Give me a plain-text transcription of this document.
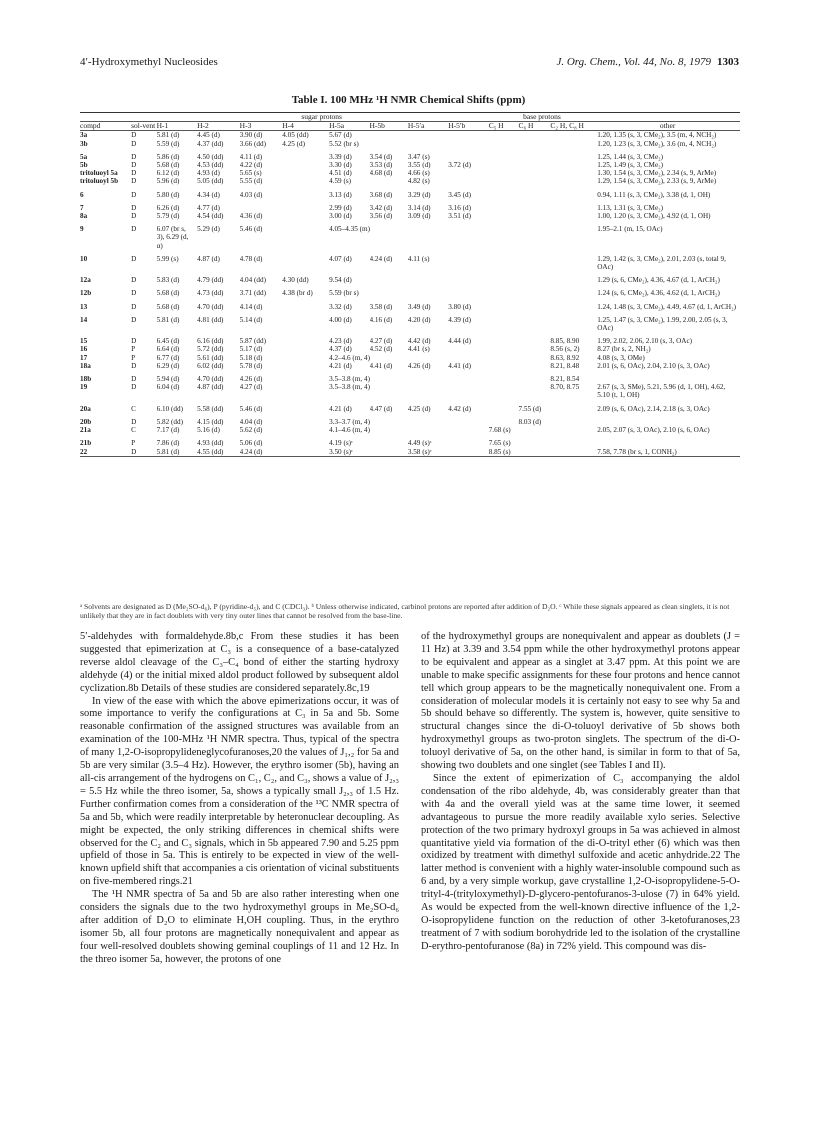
4′-Hydroxymethyl Nucleosides	J. Org. Chem., Vol. 44, No. 8, 1979 1303
Table I. 100 MHz ¹H NMR Chemical Shifts (ppm)
		sugar protons								base protons			
compd	sol-vent	H-1	H-2	H-3	H-4	H-5a	H-5b	H-5′a	H-5′b	C₅ H	C₆ H	C₂ H, C₈ H	other
3a	D	5.81 (d)	4.45 (d)	3.90 (d)	4.05 (dd)	5.67 (d)							1.20, 1.35 (s, 3, CMe₂), 3.5 (m, 4, NCH₂)
3b	D	5.59 (d)	4.37 (dd)	3.66 (dd)	4.25 (d)	5.52 (br s)							1.20, 1.23 (s, 3, CMe₂), 3.6 (m, 4, NCH₂)
5a	D	5.86 (d)	4.50 (dd)	4.11 (d)		3.39 (d)	3.54 (d)	3.47 (s)					1.25, 1.44 (s, 3, CMe₂)
5b	D	5.68 (d)	4.53 (dd)	4.22 (d)		3.30 (d)	3.53 (d)	3.55 (d)	3.72 (d)				1.25, 1.49 (s, 3, CMe₂)
tritoluoyl 5a	D	6.12 (d)	4.93 (d)	5.65 (s)		4.51 (d)	4.68 (d)	4.66 (s)					1.30, 1.54 (s, 3, CMe₂), 2.34 (s, 9, ArMe)
tritoluoyl 5b	D	5.96 (d)	5.05 (dd)	5.55 (d)		4.59 (s)		4.82 (s)					1.29, 1.54 (s, 3, CMe₂), 2.33 (s, 9, ArMe)
6	D	5.80 (d)	4.34 (d)	4.03 (d)		3.13 (d)	3.68 (d)	3.29 (d)	3.45 (d)				0.94, 1.11 (s, 3, CMe₂), 3.38 (d, 1, OH)
7	D	6.26 (d)	4.77 (d)			2.99 (d)	3.42 (d)	3.14 (d)	3.16 (d)				1.13, 1.31 (s, 3, CMe₂)
8a	D	5.79 (d)	4.54 (dd)	4.36 (d)		3.00 (d)	3.56 (d)	3.09 (d)	3.51 (d)				1.00, 1.20 (s, 3, CMe₂), 4.92 (d, 1, OH)
9	D	6.07 (br s, 3), 6.29 (d, α)	5.29 (d)	5.46 (d)		4.05–4.35 (m)							1.95–2.1 (m, 15, OAc)
10	D	5.99 (s)	4.87 (d)	4.78 (d)		4.07 (d)	4.24 (d)	4.11 (s)					1.29, 1.42 (s, 3, CMe₂), 2.01, 2.03 (s, total 9, OAc)
12a	D	5.83 (d)	4.79 (dd)	4.04 (dd)	4.30 (dd)	9.54 (d)							1.29 (s, 6, CMe₂), 4.36, 4.67 (d, 1, ArCH₂)
12b	D	5.68 (d)	4.73 (dd)	3.71 (dd)	4.38 (br d)	5.59 (br s)							1.24 (s, 6, CMe₂), 4.36, 4.62 (d, 1, ArCH₂)
13	D	5.68 (d)	4.70 (dd)	4.14 (d)		3.32 (d)	3.58 (d)	3.49 (d)	3.80 (d)				1.24, 1.48 (s, 3, CMe₂), 4.49, 4.67 (d, 1, ArCH₂)
14	D	5.81 (d)	4.81 (dd)	5.14 (d)		4.00 (d)	4.16 (d)	4.20 (d)	4.39 (d)				1.25, 1.47 (s, 3, CMe₂), 1.99, 2.00, 2.05 (s, 3, OAc)
15	D	6.45 (d)	6.16 (dd)	5.87 (dd)		4.23 (d)	4.27 (d)	4.42 (d)	4.44 (d)			8.85, 8.90	1.99, 2.02, 2.06, 2.10 (s, 3, OAc)
16	P	6.64 (d)	5.72 (dd)	5.17 (d)		4.37 (d)	4.52 (d)	4.41 (s)				8.56 (s, 2)	8.27 (br s, 2, NH₂)
17	P	6.77 (d)	5.61 (dd)	5.18 (d)		4.2–4.6 (m, 4)						8.63, 8.92	4.08 (s, 3, OMe)
18a	D	6.29 (d)	6.02 (dd)	5.78 (d)		4.21 (d)	4.41 (d)	4.26 (d)	4.41 (d)			8.21, 8.48	2.01 (s, 6, OAc), 2.04, 2.10 (s, 3, OAc)
18b	D	5.94 (d)	4.70 (dd)	4.26 (d)		3.5–3.8 (m, 4)						8.21, 8.54	
19	D	6.04 (d)	4.87 (dd)	4.27 (d)		3.5–3.8 (m, 4)						8.70, 8.75	2.67 (s, 3, SMe), 5.21, 5.96 (d, 1, OH), 4.62, 5.10 (t, 1, OH)
20a	C	6.10 (dd)	5.58 (dd)	5.46 (d)		4.21 (d)	4.47 (d)	4.25 (d)	4.42 (d)		7.55 (d)		2.09 (s, 6, OAc), 2.14, 2.18 (s, 3, OAc)
20b	D	5.82 (dd)	4.15 (dd)	4.04 (d)		3.3–3.7 (m, 4)					8.03 (d)		
21a	C	7.17 (d)	5.16 (d)	5.62 (d)		4.1–4.6 (m, 4)				7.68 (s)			2.05, 2.07 (s, 3, OAc), 2.10 (s, 6, OAc)
21b	P	7.86 (d)	4.93 (dd)	5.06 (d)		4.19 (s)ᶜ		4.49 (s)ᶜ		7.65 (s)			
22	D	5.81 (d)	4.55 (dd)	4.24 (d)		3.50 (s)ᶜ		3.58 (s)ᶜ		8.85 (s)			7.58, 7.78 (br s, 1, CONH₂)

ᵃ Solvents are designated as D (Me₂SO-d₆), P (pyridine-d₅), and C (CDCl₃). ᵇ Unless otherwise indicated, carbinol protons are reported after addition of D₂O. ᶜ While these signals appeared as clean singlets, it is not unlikely that they are in fact doublets with very tiny outer lines that cannot be resolved from the base-line.

5′-aldehydes with formaldehyde.8b,c From these studies it has been suggested that epimerization at C₃ is a consequence of a base-catalyzed reverse aldol cleavage of the C₃–C₄ bond of either the starting hydroxy aldehyde (4) or the initial mixed aldol product followed by subsequent aldol cyclization.8b Details of these studies are considered separately.8c,19

In view of the ease with which the above epimerizations occur, it was of some importance to verify the configurations at C₃ in 5a and 5b. Some reasonable confirmation of the assigned structures was available from an examination of the 100-MHz ¹H NMR spectra. Thus, typical of the spectra of many 1,2-O-isopropylideneglycofuranoses,20 the values of J₁,₂ for 5a and 5b are very similar (3.5–4 Hz). However, the erythro isomer (5b), having an all-cis arrangement of the hydrogens on C₁, C₂, and C₃, shows a value of J₂,₃ = 5.5 Hz while the threo isomer, 5a, shows a typically small J₂,₃ of 1.5 Hz. Further confirmation comes from a consideration of the ¹³C NMR spectra of 5a and 5b, which were readily interpretable by heteronuclear decoupling. As might be expected, the only striking differences in chemical shifts were observed for the C₂ and C₃ signals, which in 5b appeared 7.90 and 5.25 ppm upfield of those in 5a. This is entirely to be expected in view of the well-known upfield shift that accompanies a cis orientation of vicinal substituents on five-membered rings.21

The ¹H NMR spectra of 5a and 5b are also rather interesting when one considers the signals due to the two hydroxymethyl groups in Me₂SO-d₆ after addition of D₂O to eliminate H,OH coupling. Thus, in the erythro isomer 5b, all four protons are magnetically nonequivalent and appear as four well-resolved doublets showing geminal couplings of 11 and 12 Hz. In the threo isomer 5a, however, the protons of one

of the hydroxymethyl groups are nonequivalent and appear as doublets (J = 11 Hz) at 3.39 and 3.54 ppm while the other hydroxymethyl protons appear to be equivalent and appear as a singlet at 3.47 ppm. At this point we are unable to make specific assignments for these four protons and hence cannot tell which group appears to be the magnetically nonequivalent one. From a consideration of molecular models it is certainly not easy to see why 5a and 5b should behave so differently. The system is, however, quite sensitive to structural changes since the di-O-toluoyl derivative of 5b shows both hydroxymethyl groups as two-proton singlets. The spectrum of the di-O-toluoyl derivative of 5a, on the other hand, is similar in form to that of 5a, showing two doublets and one singlet (see Tables I and II).

Since the extent of epimerization of C₃ accompanying the aldol condensation of the ribo aldehyde, 4b, was considerably greater than that with 4a and the overall yield was at the same time lower, it seemed advantageous to pursue the more readily available xylo series. Selective protection of the two primary hydroxyl groups in 5a was achieved in almost quantitative yield via formation of the di-O-trityl ether (6) which was then oxidized by treatment with dimethyl sulfoxide and acetic anhydride.22 The latter method is convenient with a highly water-insoluble compound such as 6 and, by a very simple workup, gave crystalline 1,2-O-isopropylidene-5-O-trityl-4-(trityloxymethyl)-D-glycero-pentofuranos-3-ulose (7) in 64% yield. As would be expected from the well-known directive influence of the 1,2-O-isopropylidene function on the reduction of other 3-ketofuranoses,23 treatment of 7 with sodium borohydride led to the isolation of the crystalline D-erythro-pentofuranose (8a) in 72% yield. This compound was dis-
